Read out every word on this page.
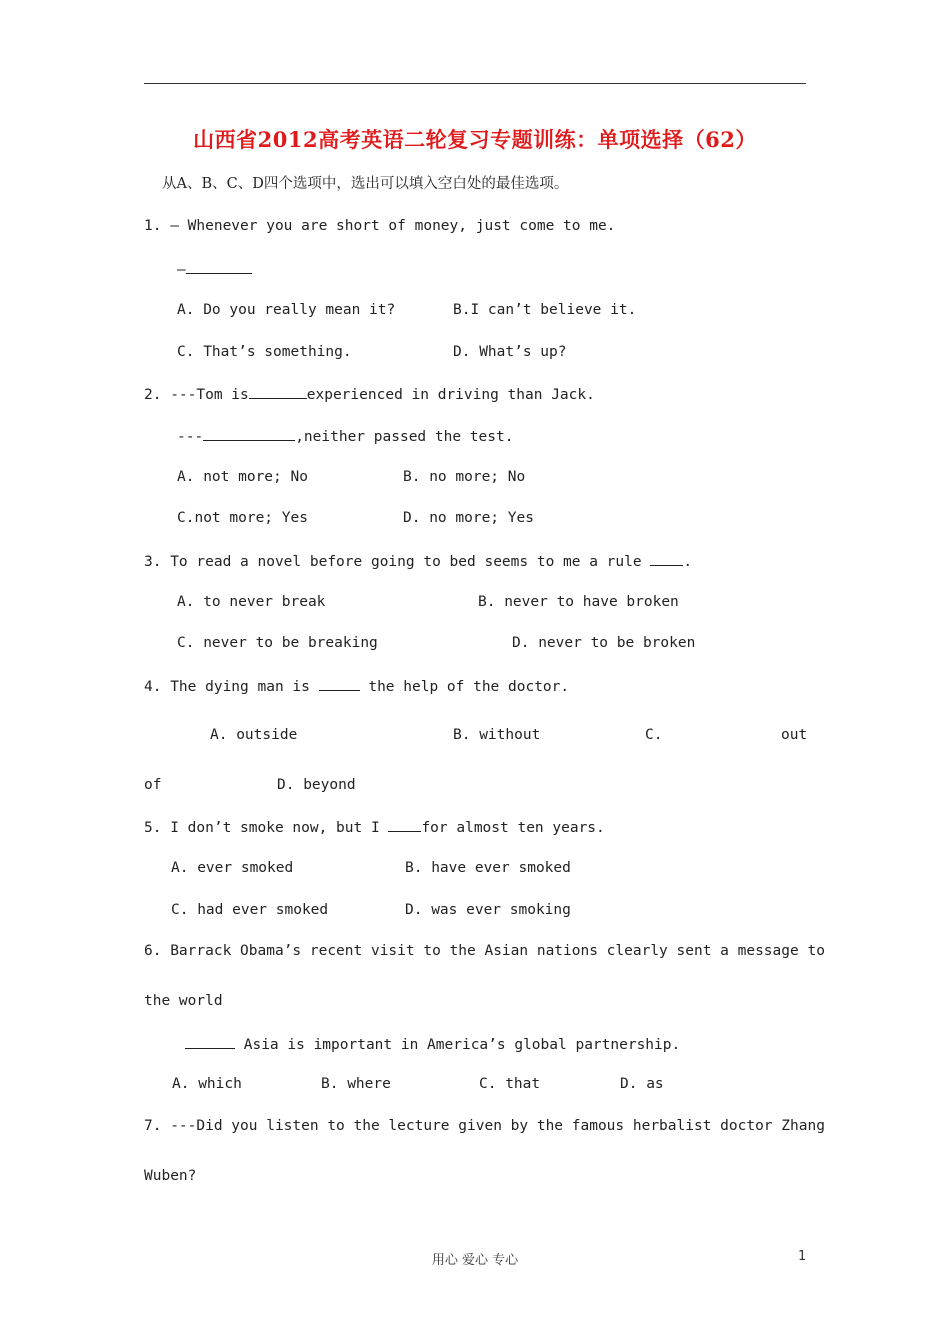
山西省2012高考英语二轮复习专题训练：单项选择（62）
从A、B、C、D四个选项中，选出可以填入空白处的最佳选项。
1. — Whenever you are short of money, just come to me.
—
A. Do you really mean it?	B.I can’t believe it.
C. That’s something.	D. What’s up?
2. ---Tom is	experienced in driving than Jack.
---	,neither passed the test.
A. not more; No	B. no more; No
C.not more; Yes	D. no more; Yes
3. To read a novel before going to bed seems to me a rule .
A. to never break	B. never to have broken
C. never to be breaking	D. never to be broken
4. The dying man is	the help of the doctor.
A. outside	B. without	C.	out
of	D. beyond
5. I don’t smoke now, but I for almost ten years.
A. ever smoked	B. have ever smoked
C. had ever smoked	D. was ever smoking
6. Barrack Obama’s recent visit to the Asian nations clearly sent a message to
the world
Asia is important in America’s global partnership.
A. which	B. where	C. that	D. as
7. ---Did you listen to the lecture given by the famous herbalist doctor Zhang
Wuben?
用心 爱心 专心	1
